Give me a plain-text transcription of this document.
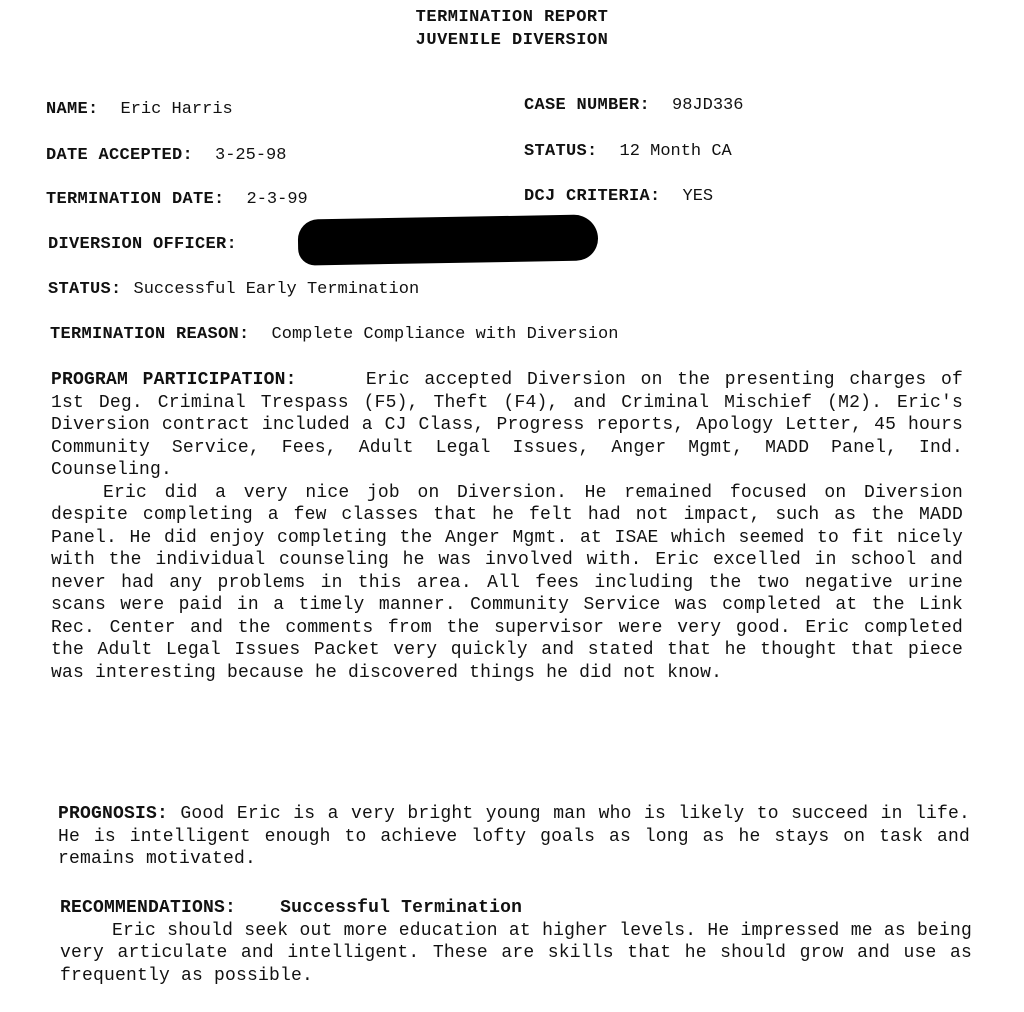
TERMINATION REPORT
JUVENILE DIVERSION
NAME: Eric Harris	CASE NUMBER: 98JD336
DATE ACCEPTED: 3-25-98	STATUS: 12 Month CA
TERMINATION DATE: 2-3-99	DCJ CRITERIA: YES
DIVERSION OFFICER:
STATUS: Successful Early Termination
TERMINATION REASON: Complete Compliance with Diversion
PROGRAM PARTICIPATION:	Eric accepted Diversion on the presenting charges of 1st Deg. Criminal Trespass (F5), Theft (F4), and Criminal Mischief (M2). Eric's Diversion contract included a CJ Class, Progress reports, Apology Letter, 45 hours Community Service, Fees, Adult Legal Issues, Anger Mgmt, MADD Panel, Ind. Counseling.
Eric did a very nice job on Diversion. He remained focused on Diversion despite completing a few classes that he felt had not impact, such as the MADD Panel. He did enjoy completing the Anger Mgmt. at ISAE which seemed to fit nicely with the individual counseling he was involved with. Eric excelled in school and never had any problems in this area. All fees including the two negative urine scans were paid in a timely manner. Community Service was completed at the Link Rec. Center and the comments from the supervisor were very good. Eric completed the Adult Legal Issues Packet very quickly and stated that he thought that piece was interesting because he discovered things he did not know.
PROGNOSIS: Good Eric is a very bright young man who is likely to succeed in life. He is intelligent enough to achieve lofty goals as long as he stays on task and remains motivated.
RECOMMENDATIONS: Successful Termination
Eric should seek out more education at higher levels. He impressed me as being very articulate and intelligent. These are skills that he should grow and use as frequently as possible.
